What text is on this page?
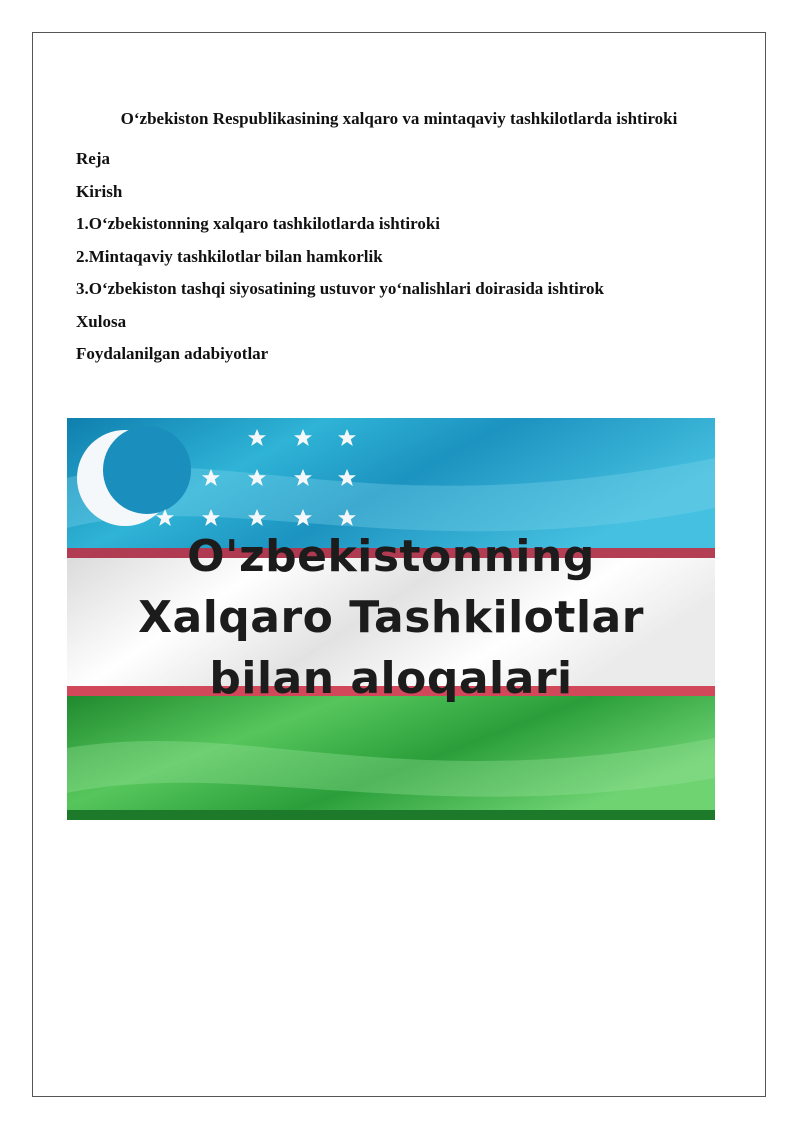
O‘zbekiston Respublikasining xalqaro va mintaqaviy tashkilotlarda ishtiroki
Reja
Kirish
1.O‘zbekistonning xalqaro tashkilotlarda ishtiroki
2.Mintaqaviy tashkilotlar bilan hamkorlik
3.O‘zbekiston tashqi siyosatining ustuvor yo‘nalishlari doirasida ishtirok
Xulosa
Foydalanilgan adabiyotlar
O'zbekistonning
Xalqaro Tashkilotlar
bilan aloqalari
